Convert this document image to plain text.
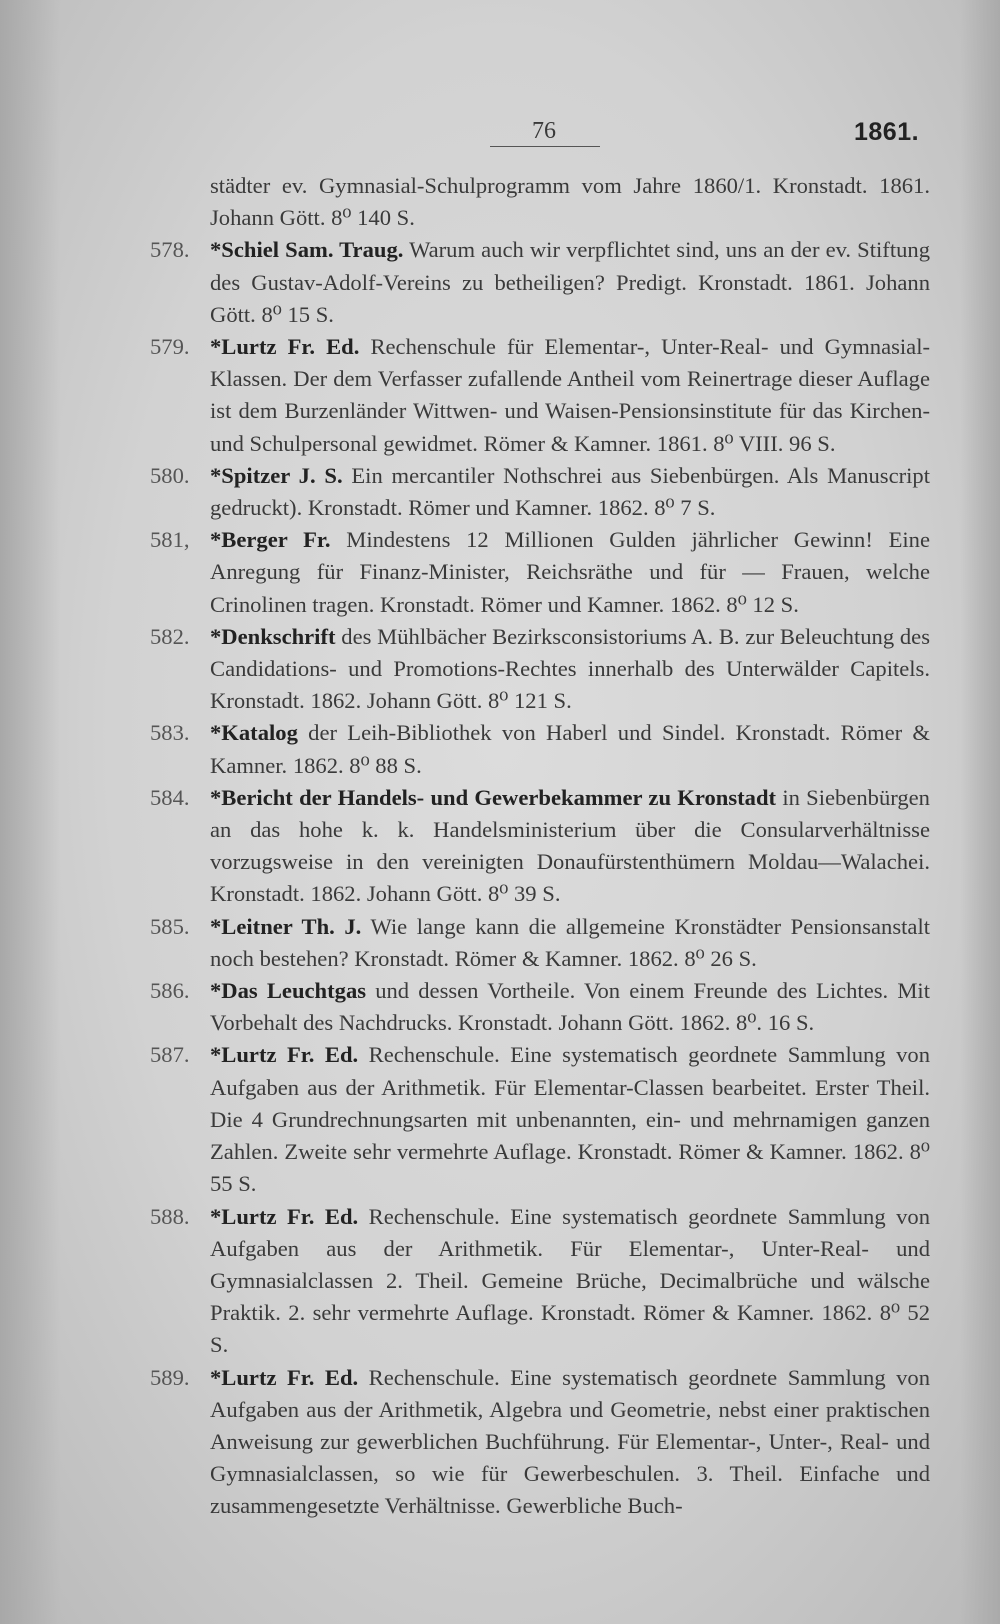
76	1861.
städter ev. Gymnasial-Schulprogramm vom Jahre 1860/1. Kronstadt. 1861. Johann Gött. 8⁰ 140 S.
578. *Schiel Sam. Traug. Warum auch wir verpflichtet sind, uns an der ev. Stiftung des Gustav-Adolf-Vereins zu betheiligen? Predigt. Kronstadt. 1861. Johann Gött. 8⁰ 15 S.
579. *Lurtz Fr. Ed. Rechenschule für Elementar-, Unter-Real- und Gymnasial-Klassen. Der dem Verfasser zufallende Antheil vom Reinertrage dieser Auflage ist dem Burzenländer Wittwen- und Waisen-Pensionsinstitute für das Kirchen- und Schulpersonal gewidmet. Römer & Kamner. 1861. 8⁰ VIII. 96 S.
580. *Spitzer J. S. Ein mercantiler Nothschrei aus Siebenbürgen. Als Manuscript gedruckt). Kronstadt. Römer und Kamner. 1862. 8⁰ 7 S.
581, *Berger Fr. Mindestens 12 Millionen Gulden jährlicher Gewinn! Eine Anregung für Finanz-Minister, Reichsräthe und für — Frauen, welche Crinolinen tragen. Kronstadt. Römer und Kamner. 1862. 8⁰ 12 S.
582. *Denkschrift des Mühlbächer Bezirksconsistoriums A. B. zur Beleuchtung des Candidations- und Promotions-Rechtes innerhalb des Unterwälder Capitels. Kronstadt. 1862. Johann Gött. 8⁰ 121 S.
583. *Katalog der Leih-Bibliothek von Haberl und Sindel. Kronstadt. Römer & Kamner. 1862. 8⁰ 88 S.
584. *Bericht der Handels- und Gewerbekammer zu Kronstadt in Siebenbürgen an das hohe k. k. Handelsministerium über die Consularverhältnisse vorzugsweise in den vereinigten Donaufürstenthümern Moldau—Walachei. Kronstadt. 1862. Johann Gött. 8⁰ 39 S.
585. *Leitner Th. J. Wie lange kann die allgemeine Kronstädter Pensionsanstalt noch bestehen? Kronstadt. Römer & Kamner. 1862. 8⁰ 26 S.
586. *Das Leuchtgas und dessen Vortheile. Von einem Freunde des Lichtes. Mit Vorbehalt des Nachdrucks. Kronstadt. Johann Gött. 1862. 8⁰. 16 S.
587. *Lurtz Fr. Ed. Rechenschule. Eine systematisch geordnete Sammlung von Aufgaben aus der Arithmetik. Für Elementar-Classen bearbeitet. Erster Theil. Die 4 Grundrechnungsarten mit unbenannten, ein- und mehrnamigen ganzen Zahlen. Zweite sehr vermehrte Auflage. Kronstadt. Römer & Kamner. 1862. 8⁰ 55 S.
588. *Lurtz Fr. Ed. Rechenschule. Eine systematisch geordnete Sammlung von Aufgaben aus der Arithmetik. Für Elementar-, Unter-Real- und Gymnasialclassen 2. Theil. Gemeine Brüche, Decimalbrüche und wälsche Praktik. 2. sehr vermehrte Auflage. Kronstadt. Römer & Kamner. 1862. 8⁰ 52 S.
589. *Lurtz Fr. Ed. Rechenschule. Eine systematisch geordnete Sammlung von Aufgaben aus der Arithmetik, Algebra und Geometrie, nebst einer praktischen Anweisung zur gewerblichen Buchführung. Für Elementar-, Unter-, Real- und Gymnasialclassen, so wie für Gewerbeschulen. 3. Theil. Einfache und zusammengesetzte Verhältnisse. Gewerbliche Buch-
